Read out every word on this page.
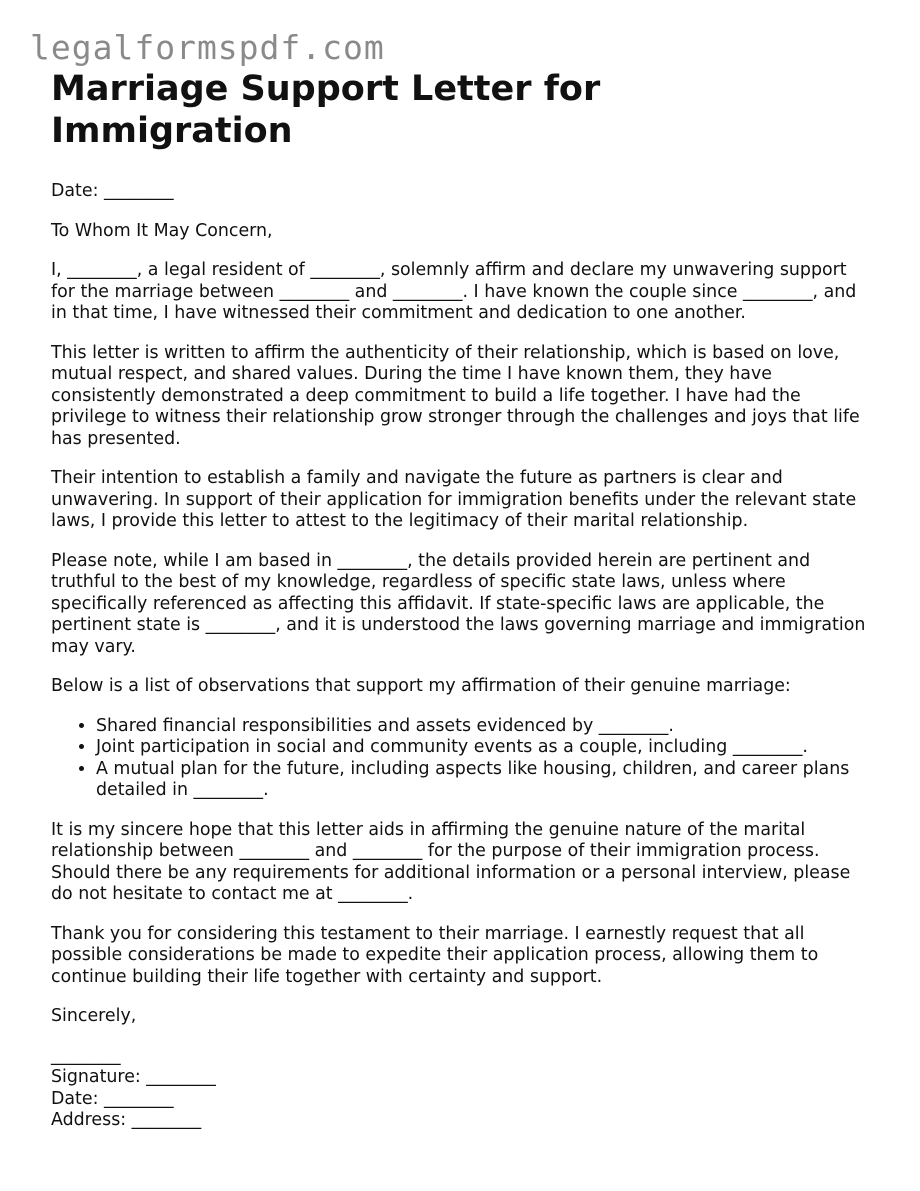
legalformspdf.com
Marriage Support Letter for Immigration

Date: ________

To Whom It May Concern,

I, ________, a legal resident of ________, solemnly affirm and declare my unwavering support for the marriage between ________ and ________. I have known the couple since ________, and in that time, I have witnessed their commitment and dedication to one another.

This letter is written to affirm the authenticity of their relationship, which is based on love, mutual respect, and shared values. During the time I have known them, they have consistently demonstrated a deep commitment to build a life together. I have had the privilege to witness their relationship grow stronger through the challenges and joys that life has presented.

Their intention to establish a family and navigate the future as partners is clear and unwavering. In support of their application for immigration benefits under the relevant state laws, I provide this letter to attest to the legitimacy of their marital relationship.

Please note, while I am based in ________, the details provided herein are pertinent and truthful to the best of my knowledge, regardless of specific state laws, unless where specifically referenced as affecting this affidavit. If state-specific laws are applicable, the pertinent state is ________, and it is understood the laws governing marriage and immigration may vary.

Below is a list of observations that support my affirmation of their genuine marriage:

• Shared financial responsibilities and assets evidenced by ________.
• Joint participation in social and community events as a couple, including ________.
• A mutual plan for the future, including aspects like housing, children, and career plans detailed in ________.

It is my sincere hope that this letter aids in affirming the genuine nature of the marital relationship between ________ and ________ for the purpose of their immigration process. Should there be any requirements for additional information or a personal interview, please do not hesitate to contact me at ________.

Thank you for considering this testament to their marriage. I earnestly request that all possible considerations be made to expedite their application process, allowing them to continue building their life together with certainty and support.

Sincerely,

________
Signature: ________
Date: ________
Address: ________
